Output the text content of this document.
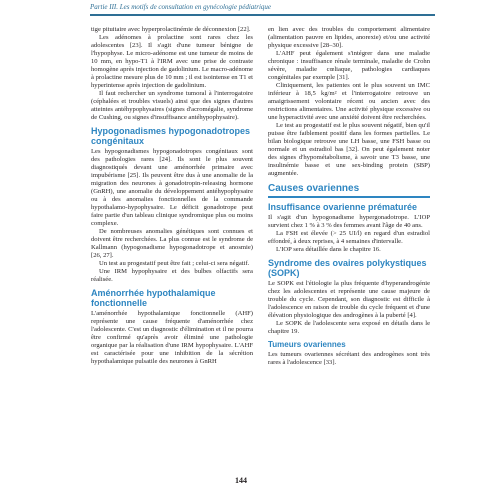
Partie III. Les motifs de consultation en gynécologie pédiatrique

tige pituitaire avec hyperprolactinémie de déconnexion [22].

Les adénomes à prolactine sont rares chez les adolescentes [23]. Il s'agit d'une tumeur bénigne de l'hypophyse. Le micro-adénome est une tumeur de moins de 10 mm, en hypo-T1 à l'IRM avec une prise de contraste homogène après injection de gadolinium. Le macro-adénome à prolactine mesure plus de 10 mm ; il est isointense en T1 et hyperintense après injection de gadolinium.

Il faut rechercher un syndrome tumoral à l'interrogatoire (céphalées et troubles visuels) ainsi que des signes d'autres atteintes antéhypophysaires (signes d'acromégalie, syndrome de Cushing, ou signes d'insuffisance antéhypophysaire).

Hypogonadismes hypogonadotropes congénitaux

Les hypogonadismes hypogonadotropes congénitaux sont des pathologies rares [24]. Ils sont le plus souvent diagnostiqués devant une aménorrhée primaire avec impubérisme [25]. Ils peuvent être dus à une anomalie de la migration des neurones à gonadotropin-releasing hormone (GnRH), une anomalie du développement antéhypophysaire ou à des anomalies fonctionnelles de la commande hypothalamo-hypophysaire. Le déficit gonadotrope peut faire partie d'un tableau clinique syndromique plus ou moins complexe.

De nombreuses anomalies génétiques sont connues et doivent être recherchées. La plus connue est le syndrome de Kallmann (hypogonadisme hypogonadotrope et anosmie) [26, 27].

Un test au progestatif peut être fait ; celui-ci sera négatif.

Une IRM hypophysaire et des bulbes olfactifs sera réalisée.

Aménorrhée hypothalamique fonctionnelle

L'aménorrhée hypothalamique fonctionnelle (AHF) représente une cause fréquente d'aménorrhée chez l'adolescente. C'est un diagnostic d'élimination et il ne pourra être confirmé qu'après avoir éliminé une pathologie organique par la réalisation d'une IRM hypophysaire. L'AHF est caractérisée pour une inhibition de la sécrétion hypothalamique pulsatile des neurones à GnRH

en lien avec des troubles du comportement alimentaire (alimentation pauvre en lipides, anorexie) et/ou une activité physique excessive [28–30].

L'AHF peut également s'intégrer dans une maladie chronique : insuffisance rénale terminale, maladie de Crohn sévère, maladie cœliaque, pathologies cardiaques congénitales par exemple [31].

Cliniquement, les patientes ont le plus souvent un IMC inférieur à 18,5 kg/m² et l'interrogatoire retrouve un amaigrissement volontaire récent ou ancien avec des restrictions alimentaires. Une activité physique excessive ou une hyperactivité avec une anxiété doivent être recherchées.

Le test au progestatif est le plus souvent négatif, bien qu'il puisse être faiblement positif dans les formes partielles. Le bilan biologique retrouve une LH basse, une FSH basse ou normale et un estradiol bas [32]. On peut également noter des signes d'hypométabolisme, à savoir une T3 basse, une insulinémie basse et une sex-binding protein (SBP) augmentée.

Causes ovariennes
Insuffisance ovarienne prématurée

Il s'agit d'un hypogonadisme hypergonadotrope. L'IOP survient chez 1 % à 3 % des femmes avant l'âge de 40 ans.

La FSH est élevée (> 25 UI/l) en regard d'un estradiol effondré, à deux reprises, à 4 semaines d'intervalle.

L'IOP sera détaillée dans le chapitre 16.

Syndrome des ovaires polykystiques (SOPK)

Le SOPK est l'étiologie la plus fréquente d'hyperandrogénie chez les adolescentes et représente une cause majeure de trouble du cycle. Cependant, son diagnostic est difficile à l'adolescence en raison de trouble du cycle fréquent et d'une élévation physiologique des androgènes à la puberté [4].

Le SOPK de l'adolescente sera exposé en détails dans le chapitre 19.

Tumeurs ovariennes

Les tumeurs ovariennes sécrétant des androgènes sont très rares à l'adolescence [33].

144
